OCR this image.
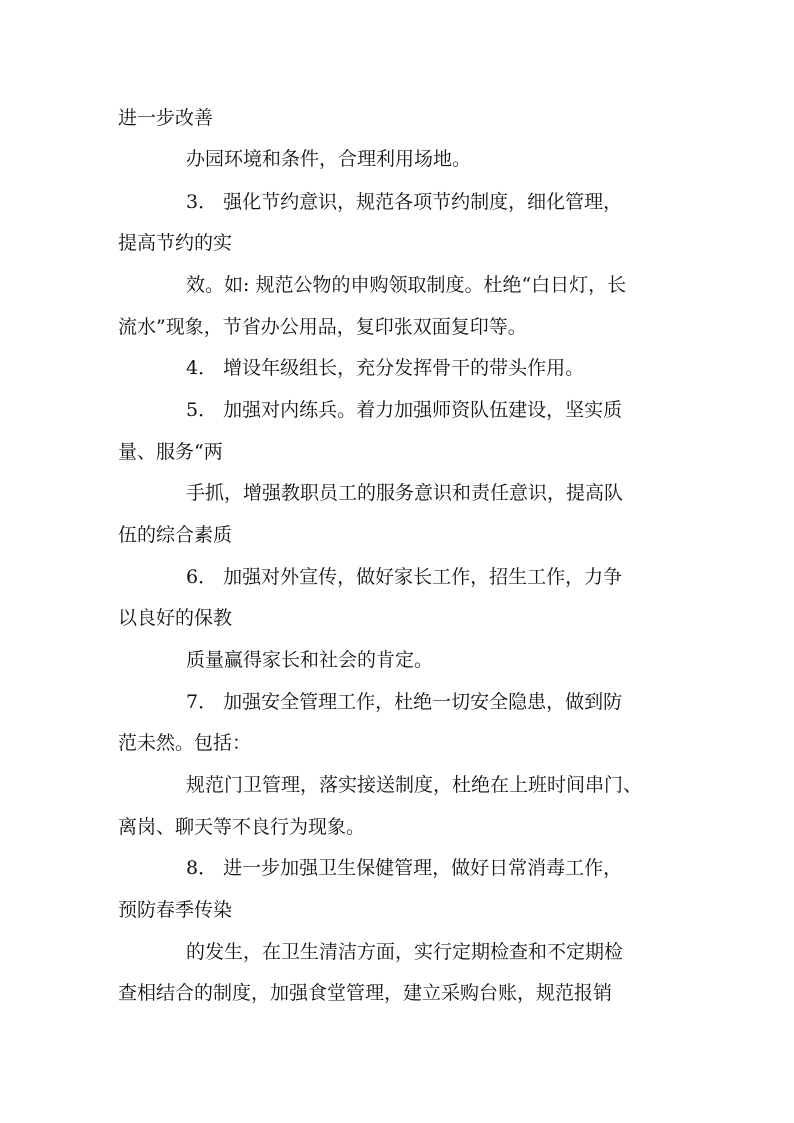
进一步改善
办园环境和条件，合理利用场地。
3． 强化节约意识，规范各项节约制度，细化管理，
提高节约的实
效。如: 规范公物的申购领取制度。杜绝“白日灯，长
流水”现象，节省办公用品，复印张双面复印等。
4． 增设年级组长，充分发挥骨干的带头作用。
5． 加强对内练兵。着力加强师资队伍建设，坚实质
量、服务“两
手抓，增强教职员工的服务意识和责任意识，提高队
伍的综合素质
6． 加强对外宣传，做好家长工作，招生工作，力争
以良好的保教
质量赢得家长和社会的肯定。
7． 加强安全管理工作，杜绝一切安全隐患，做到防
范未然。包括：
规范门卫管理，落实接送制度，杜绝在上班时间串门、
离岗、聊天等不良行为现象。
8． 进一步加强卫生保健管理，做好日常消毒工作，
预防春季传染
的发生，在卫生清洁方面，实行定期检查和不定期检
查相结合的制度，加强食堂管理，建立采购台账，规范报销
